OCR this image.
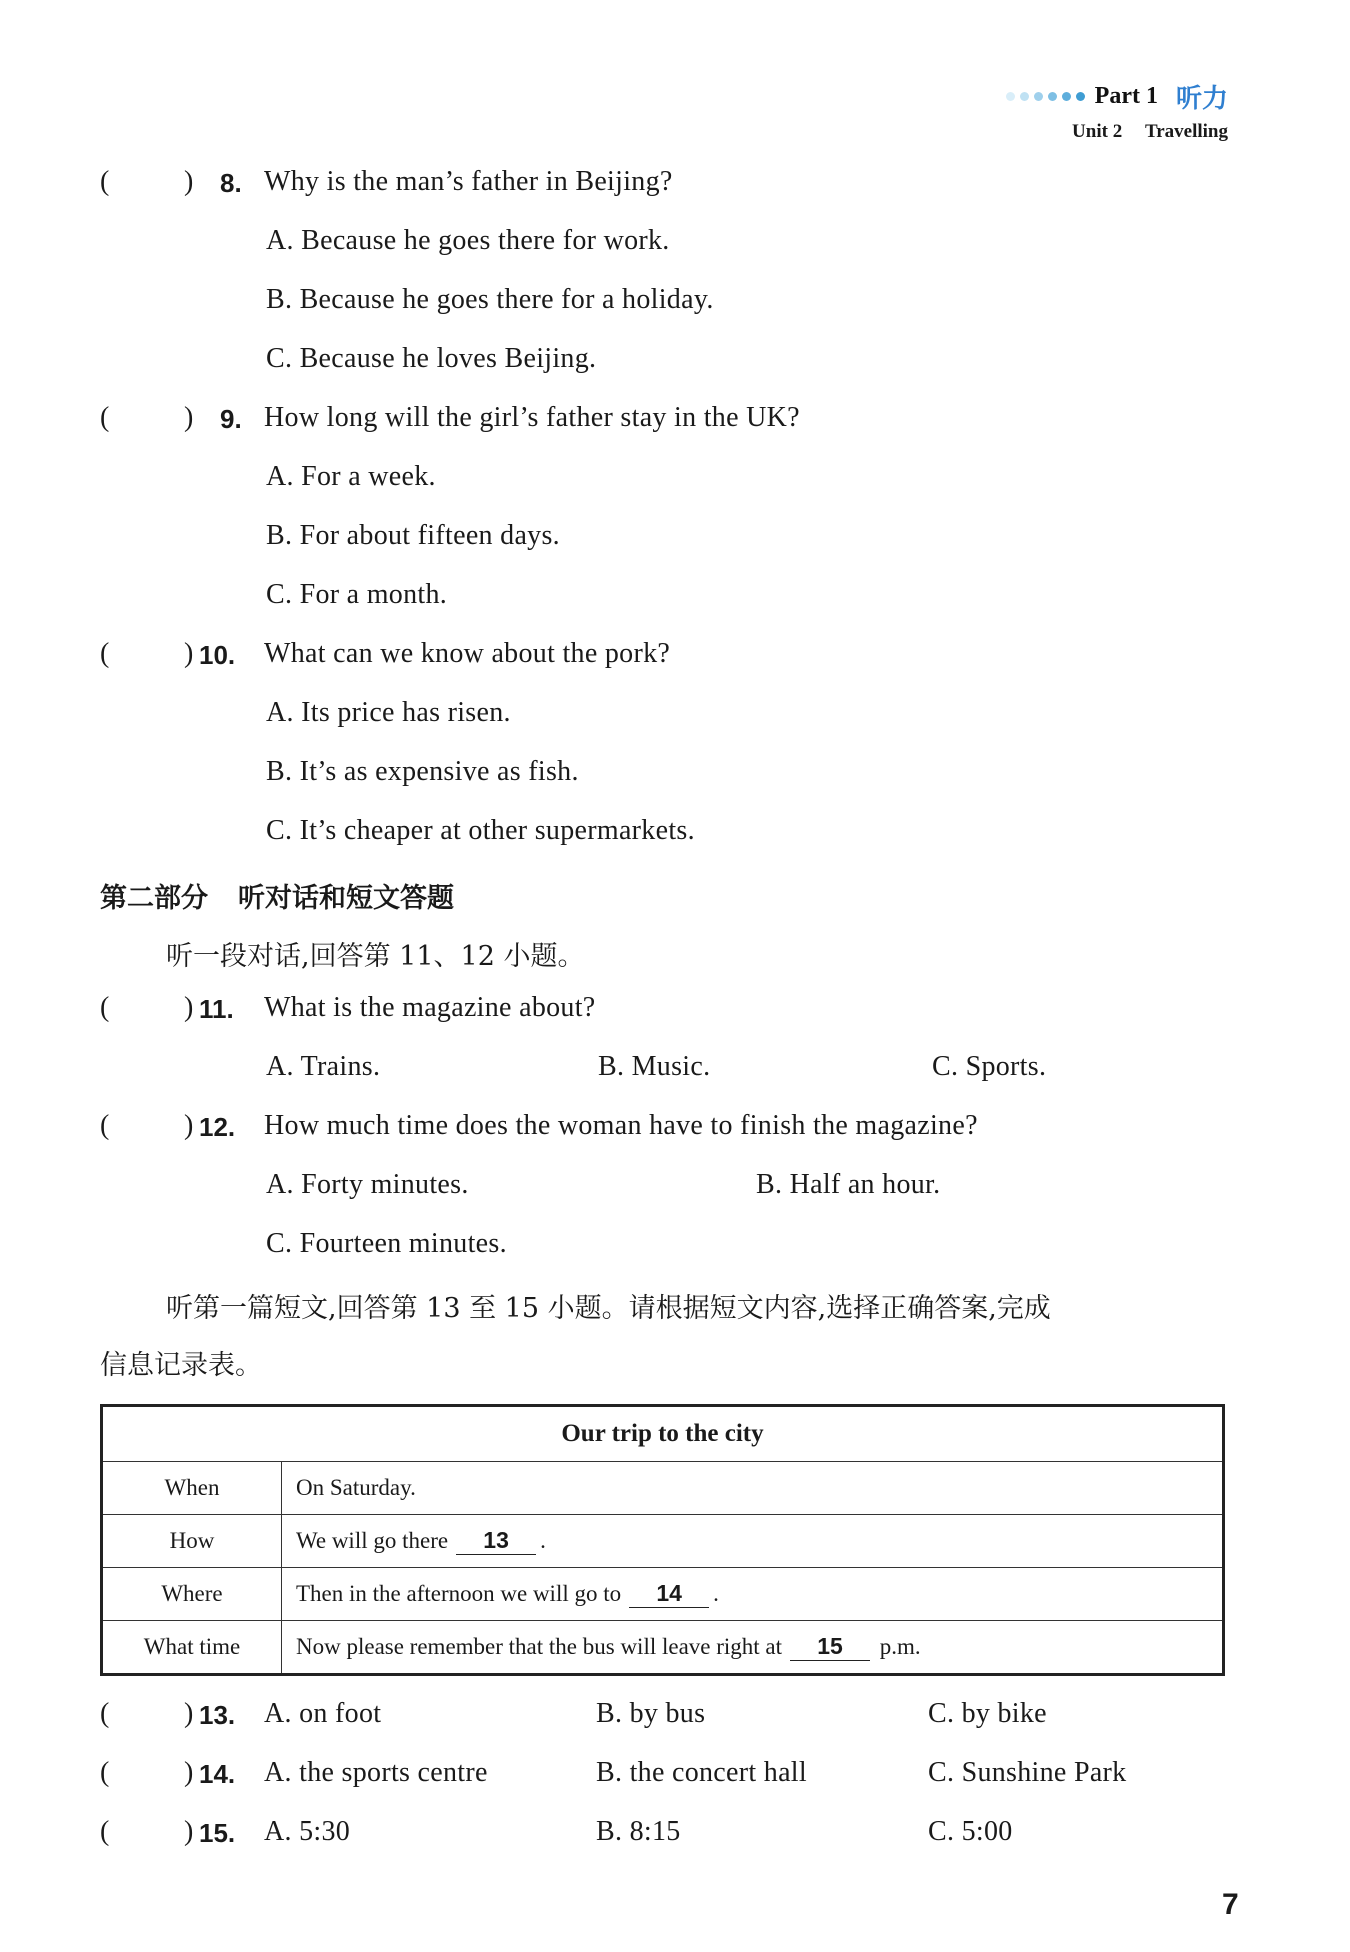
Part 1 听力
Unit 2 Travelling
(	) 8. Why is the man’s father in Beijing?
A. Because he goes there for work.
B. Because he goes there for a holiday.
C. Because he loves Beijing.
(	) 9. How long will the girl’s father stay in the UK?
A. For a week.
B. For about fifteen days.
C. For a month.
(	) 10. What can we know about the pork?
A. Its price has risen.
B. It’s as expensive as fish.
C. It’s cheaper at other supermarkets.
第二部分 听对话和短文答题
听一段对话,回答第 11、12 小题。
(	) 11. What is the magazine about?
A. Trains.	B. Music.	C. Sports.
(	) 12. How much time does the woman have to finish the magazine?
A. Forty minutes.	B. Half an hour.
C. Fourteen minutes.
听第一篇短文,回答第 13 至 15 小题。请根据短文内容,选择正确答案,完成
信息记录表。
Our trip to the city	
When	On Saturday.
How	We will go there 13 .
Where	Then in the afternoon we will go to 14 .
What time	Now please remember that the bus will leave right at 15 p.m.
(	) 13. A. on foot	B. by bus	C. by bike
(	) 14. A. the sports centre	B. the concert hall	C. Sunshine Park
(	) 15. A. 5:30	B. 8:15	C. 5:00
7
